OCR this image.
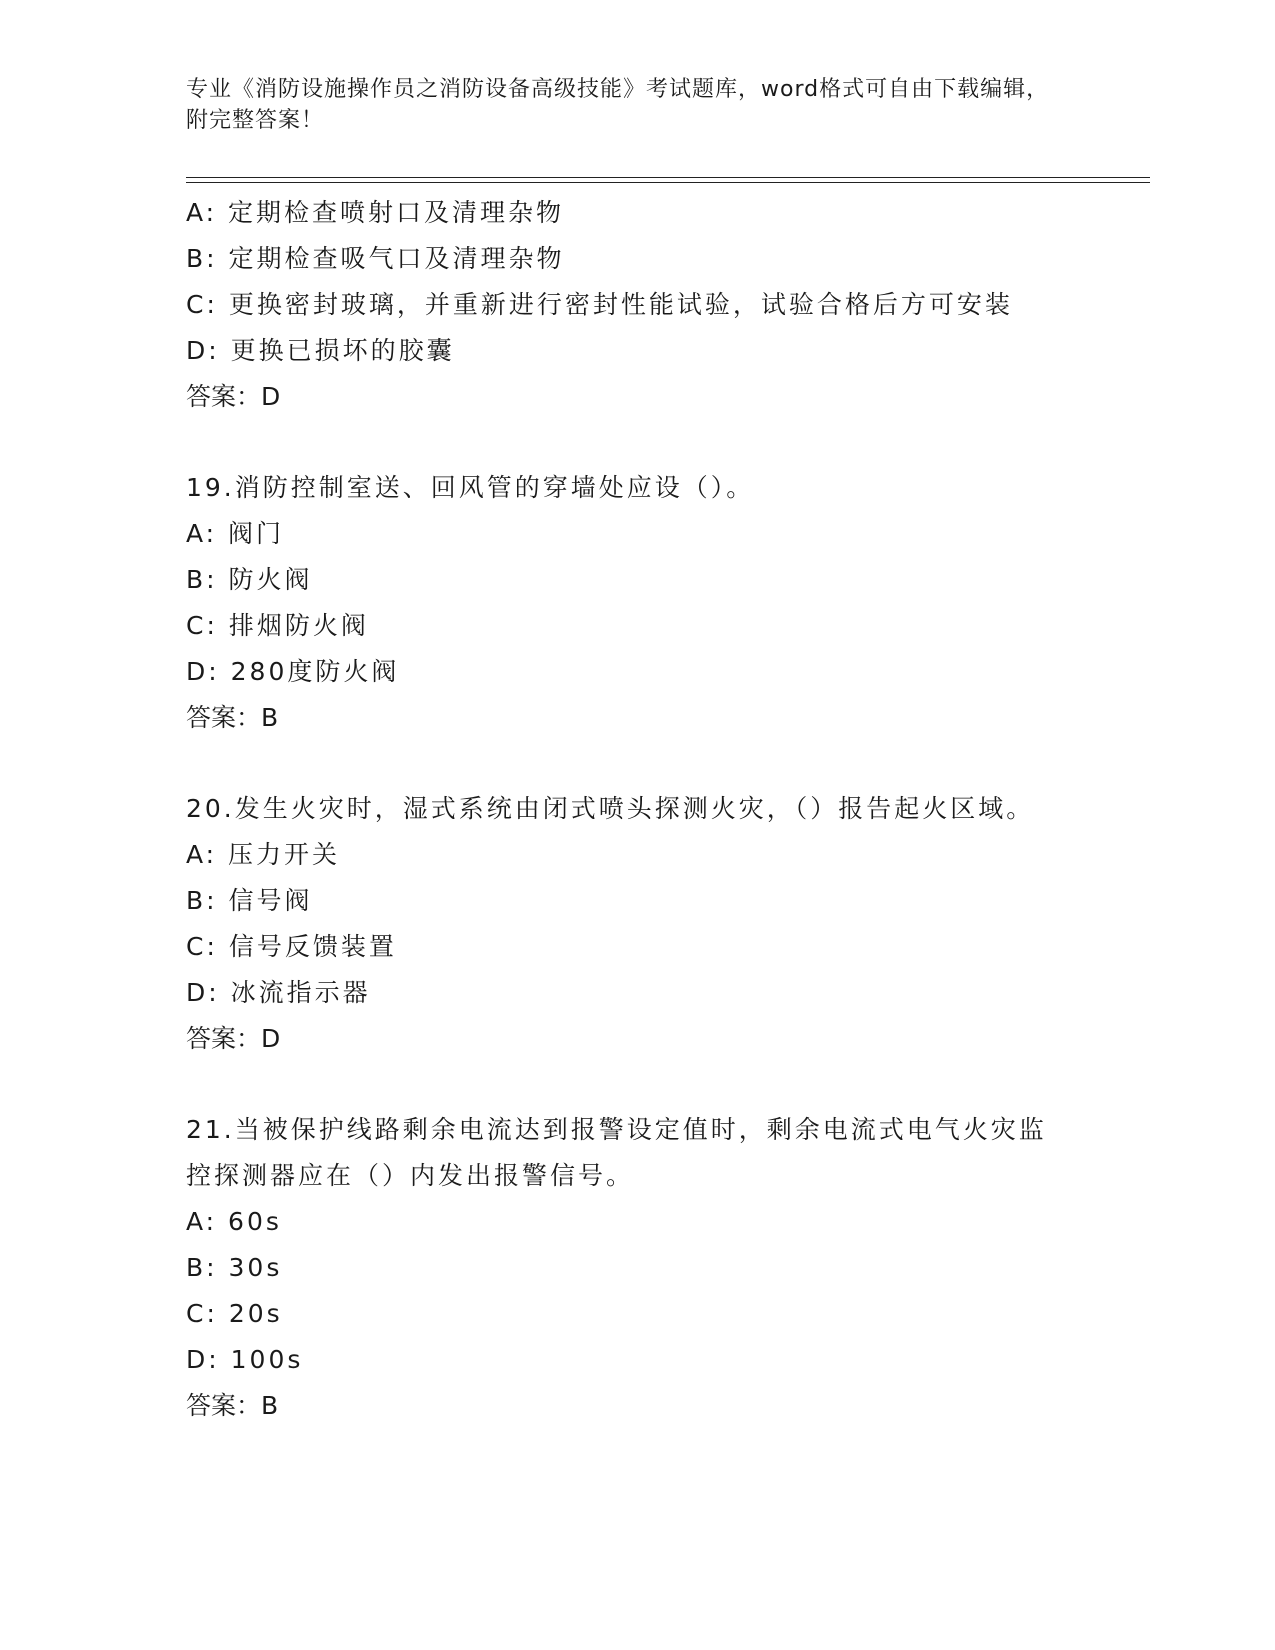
专业《消防设施操作员之消防设备高级技能》考试题库，word格式可自由下载编辑，附完整答案！
A: 定期检查喷射口及清理杂物
B: 定期检查吸气口及清理杂物
C: 更换密封玻璃，并重新进行密封性能试验，试验合格后方可安装
D: 更换已损坏的胶囊
答案：D
19.消防控制室送、回风管的穿墙处应设（）。
A: 阀门
B: 防火阀
C: 排烟防火阀
D: 280度防火阀
答案：B
20.发生火灾时，湿式系统由闭式喷头探测火灾，（）报告起火区域。
A: 压力开关
B: 信号阀
C: 信号反馈装置
D: 冰流指示器
答案：D
21.当被保护线路剩余电流达到报警设定值时，剩余电流式电气火灾监
控探测器应在（）内发出报警信号。
A: 60s
B: 30s
C: 20s
D: 100s
答案：B
